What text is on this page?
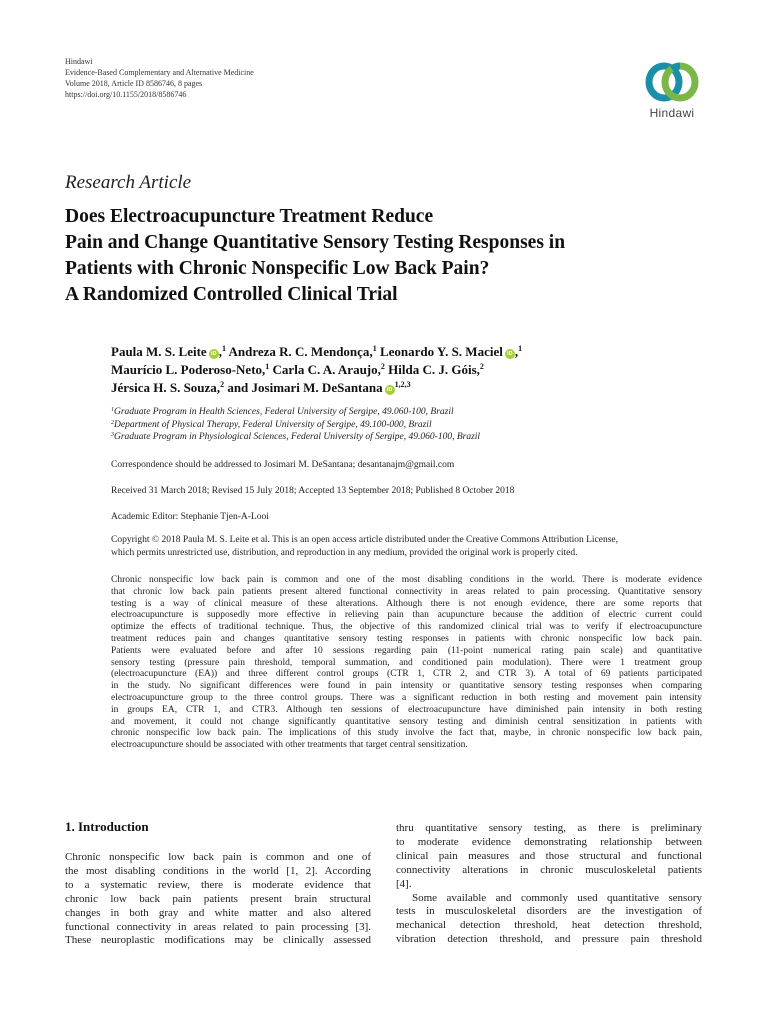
Hindawi
Evidence-Based Complementary and Alternative Medicine
Volume 2018, Article ID 8586746, 8 pages
https://doi.org/10.1155/2018/8586746
Hindawi
Research Article
Does Electroacupuncture Treatment Reduce
Pain and Change Quantitative Sensory Testing Responses in
Patients with Chronic Nonspecific Low Back Pain?
A Randomized Controlled Clinical Trial
Paula M. S. Leite iD ,$^1$ Andreza R. C. Mendonça,$^1$ Leonardo Y. S. Maciel iD ,$^1$
Maurício L. Poderoso-Neto,$^1$ Carla C. A. Araujo,$^2$ Hilda C. J. Góis,$^2$
Jérsica H. S. Souza,$^2$ and Josimari M. DeSantana iD$^{1,2,3}$
$^1$Graduate Program in Health Sciences, Federal University of Sergipe, 49.060-100, Brazil
$^2$Department of Physical Therapy, Federal University of Sergipe, 49.100-000, Brazil
$^3$Graduate Program in Physiological Sciences, Federal University of Sergipe, 49.060-100, Brazil
Correspondence should be addressed to Josimari M. DeSantana; desantanajm@gmail.com
Received 31 March 2018; Revised 15 July 2018; Accepted 13 September 2018; Published 8 October 2018
Academic Editor: Stephanie Tjen-A-Looi
Copyright © 2018 Paula M. S. Leite et al. This is an open access article distributed under the Creative Commons Attribution License,
which permits unrestricted use, distribution, and reproduction in any medium, provided the original work is properly cited.
Chronic nonspecific low back pain is common and one of the most disabling conditions in the world. There is moderate evidence
that chronic low back pain patients present altered functional connectivity in areas related to pain processing. Quantitative sensory
testing is a way of clinical measure of these alterations. Although there is not enough evidence, there are some reports that
electroacupuncture is supposedly more effective in relieving pain than acupuncture because the addition of electric current could
optimize the effects of traditional technique. Thus, the objective of this randomized clinical trial was to verify if electroacupuncture
treatment reduces pain and changes quantitative sensory testing responses in patients with chronic nonspecific low back pain.
Patients were evaluated before and after 10 sessions regarding pain (11-point numerical rating pain scale) and quantitative
sensory testing (pressure pain threshold, temporal summation, and conditioned pain modulation). There were 1 treatment group
(electroacupuncture (EA)) and three different control groups (CTR 1, CTR 2, and CTR 3). A total of 69 patients participated
in the study. No significant differences were found in pain intensity or quantitative sensory testing responses when comparing
electroacupuncture group to the three control groups. There was a significant reduction in both resting and movement pain intensity
in groups EA, CTR 1, and CTR3. Although ten sessions of electroacupuncture have diminished pain intensity in both resting
and movement, it could not change significantly quantitative sensory testing and diminish central sensitization in patients with
chronic nonspecific low back pain. The implications of this study involve the fact that, maybe, in chronic nonspecific low back pain,
electroacupuncture should be associated with other treatments that target central sensitization.
1. Introduction
Chronic nonspecific low back pain is common and one of
the most disabling conditions in the world [1, 2]. According
to a systematic review, there is moderate evidence that
chronic low back pain patients present brain structural
changes in both gray and white matter and also altered
functional connectivity in areas related to pain processing [3].
These neuroplastic modifications may be clinically assessed
thru quantitative sensory testing, as there is preliminary
to moderate evidence demonstrating relationship between
clinical pain measures and those structural and functional
connectivity alterations in chronic musculoskeletal patients
[4].
Some available and commonly used quantitative sensory
tests in musculoskeletal disorders are the investigation of
mechanical detection threshold, heat detection threshold,
vibration detection threshold, and pressure pain threshold
